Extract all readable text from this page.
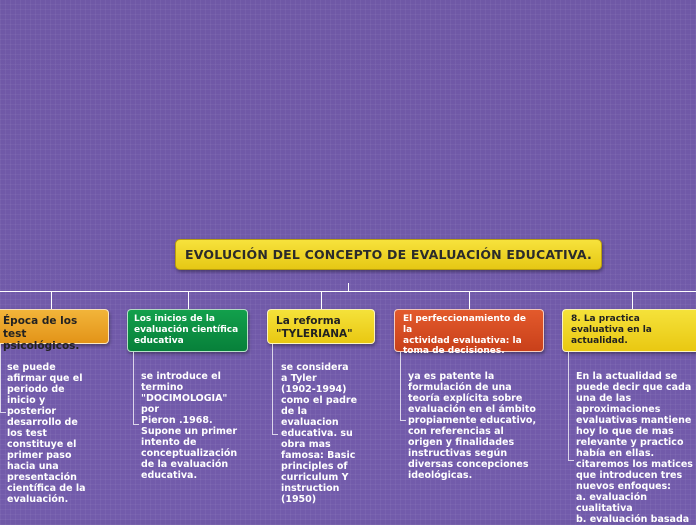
EVOLUCIÓN DEL CONCEPTO DE EVALUACIÓN EDUCATIVA.
Época de los test
psicológicos.
se puede
afirmar que el
periodo de
inicio y
posterior
desarrollo de
los test
constituye el
primer paso
hacia una
presentación
científica de la
evaluación.
Los inicios de la
evaluación científica
educativa
se introduce el
termino
"DOCIMOLOGIA"
por
Pieron .1968.
Supone un primer
intento de
conceptualización
de la evaluación
educativa.
La reforma
"TYLERIANA"
se considera
a Tyler
(1902-1994)
como el padre
de la
evaluacion
educativa. su
obra mas
famosa: Basic
principles of
curriculum Y
instruction
(1950)
El perfeccionamiento de la
actividad evaluativa: la
toma de decisiones.
ya es patente la
formulación de una
teoría explícita sobre
evaluación en el ámbito
propiamente educativo,
con referencias al
origen y finalidades
instructivas según
diversas concepciones
ideológicas.
8. La practica
evaluativa en la
actualidad.
En la actualidad se
puede decir que cada
una de las
aproximaciones
evaluativas mantiene
hoy lo que de mas
relevante y practico
había en ellas.
citaremos los matices
que introducen tres
nuevos enfoques:
a. evaluación
cualitativa
b. evaluación basada
